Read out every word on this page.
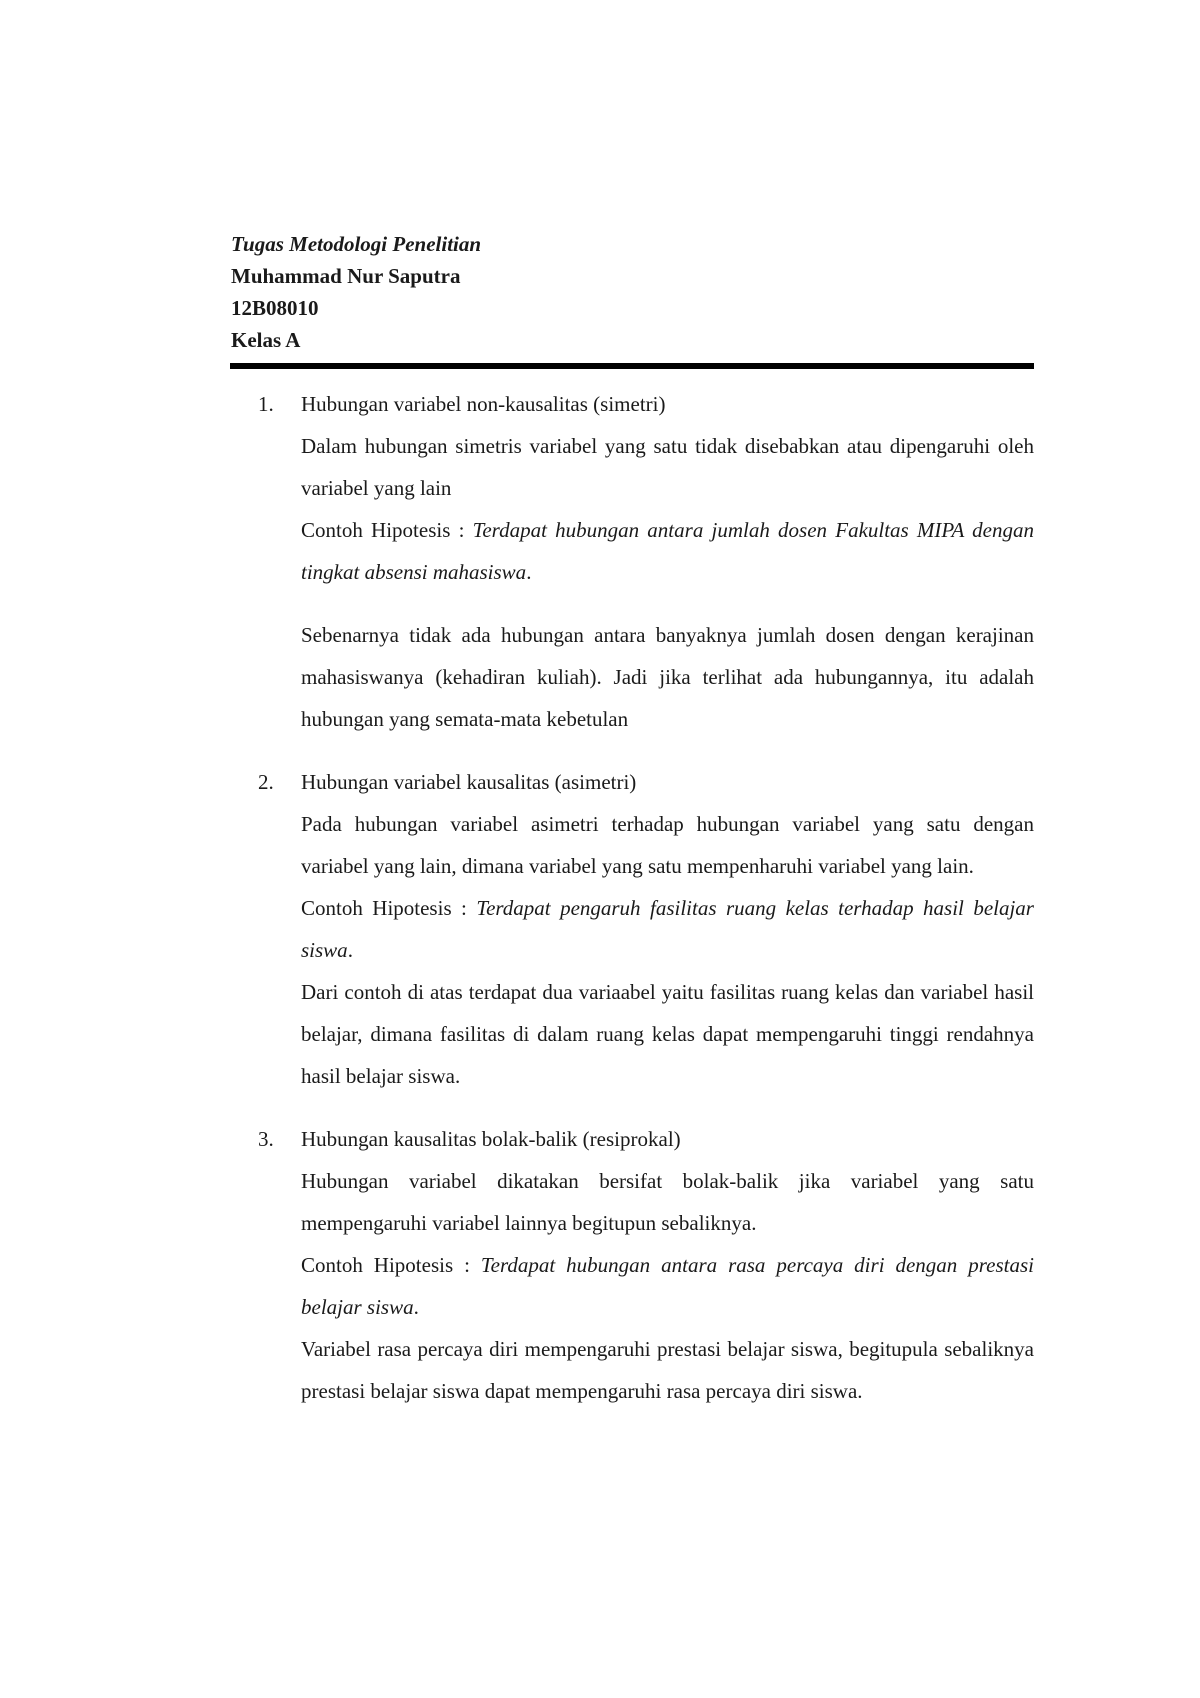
Tugas Metodologi Penelitian
Muhammad Nur Saputra
12B08010
Kelas A
1.	Hubungan variabel non-kausalitas (simetri)

Dalam hubungan simetris variabel yang satu tidak disebabkan atau dipengaruhi oleh variabel yang lain

Contoh Hipotesis : Terdapat hubungan antara jumlah dosen Fakultas MIPA dengan tingkat absensi mahasiswa.

Sebenarnya tidak ada hubungan antara banyaknya jumlah dosen dengan kerajinan mahasiswanya (kehadiran kuliah). Jadi jika terlihat ada hubungannya, itu adalah hubungan yang semata-mata kebetulan

2.	Hubungan variabel kausalitas (asimetri)

Pada hubungan variabel asimetri terhadap hubungan variabel yang satu dengan variabel yang lain, dimana variabel yang satu mempenharuhi variabel yang lain.

Contoh Hipotesis : Terdapat pengaruh fasilitas ruang kelas terhadap hasil belajar siswa.

Dari contoh di atas terdapat dua variaabel yaitu fasilitas ruang kelas dan variabel hasil belajar, dimana fasilitas di dalam ruang kelas dapat mempengaruhi tinggi rendahnya hasil belajar siswa.

3.	Hubungan kausalitas bolak-balik (resiprokal)

Hubungan variabel dikatakan bersifat bolak-balik jika variabel yang satu mempengaruhi variabel lainnya begitupun sebaliknya.

Contoh Hipotesis : Terdapat hubungan antara rasa percaya diri dengan prestasi belajar siswa.

Variabel rasa percaya diri mempengaruhi prestasi belajar siswa, begitupula sebaliknya prestasi belajar siswa dapat mempengaruhi rasa percaya diri siswa.
